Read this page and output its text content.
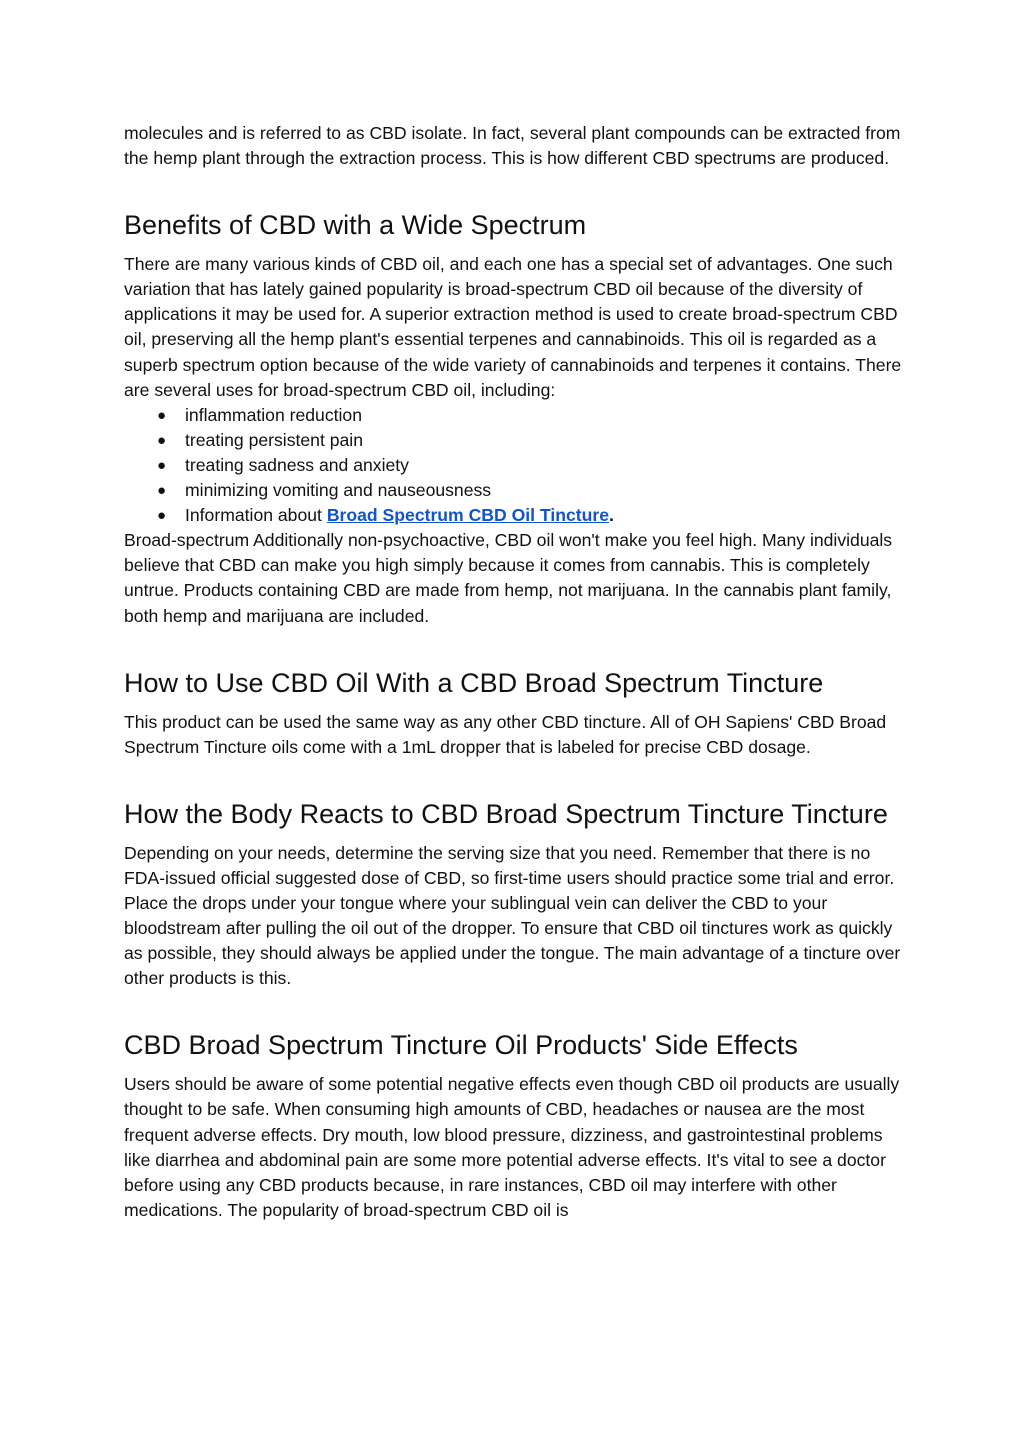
molecules and is referred to as CBD isolate. In fact, several plant compounds can be extracted from the hemp plant through the extraction process. This is how different CBD spectrums are produced.

Benefits of CBD with a Wide Spectrum

There are many various kinds of CBD oil, and each one has a special set of advantages. One such variation that has lately gained popularity is broad-spectrum CBD oil because of the diversity of applications it may be used for. A superior extraction method is used to create broad-spectrum CBD oil, preserving all the hemp plant's essential terpenes and cannabinoids. This oil is regarded as a superb spectrum option because of the wide variety of cannabinoids and terpenes it contains. There are several uses for broad-spectrum CBD oil, including:

● inflammation reduction
● treating persistent pain
● treating sadness and anxiety
● minimizing vomiting and nauseousness
● Information about Broad Spectrum CBD Oil Tincture.

Broad-spectrum Additionally non-psychoactive, CBD oil won't make you feel high. Many individuals believe that CBD can make you high simply because it comes from cannabis. This is completely untrue. Products containing CBD are made from hemp, not marijuana. In the cannabis plant family, both hemp and marijuana are included.

How to Use CBD Oil With a CBD Broad Spectrum Tincture

This product can be used the same way as any other CBD tincture. All of OH Sapiens' CBD Broad Spectrum Tincture oils come with a 1mL dropper that is labeled for precise CBD dosage.

How the Body Reacts to CBD Broad Spectrum Tincture Tincture

Depending on your needs, determine the serving size that you need. Remember that there is no FDA-issued official suggested dose of CBD, so first-time users should practice some trial and error. Place the drops under your tongue where your sublingual vein can deliver the CBD to your bloodstream after pulling the oil out of the dropper. To ensure that CBD oil tinctures work as quickly as possible, they should always be applied under the tongue. The main advantage of a tincture over other products is this.

CBD Broad Spectrum Tincture Oil Products' Side Effects

Users should be aware of some potential negative effects even though CBD oil products are usually thought to be safe. When consuming high amounts of CBD, headaches or nausea are the most frequent adverse effects. Dry mouth, low blood pressure, dizziness, and gastrointestinal problems like diarrhea and abdominal pain are some more potential adverse effects. It's vital to see a doctor before using any CBD products because, in rare instances, CBD oil may interfere with other medications. The popularity of broad-spectrum CBD oil is
